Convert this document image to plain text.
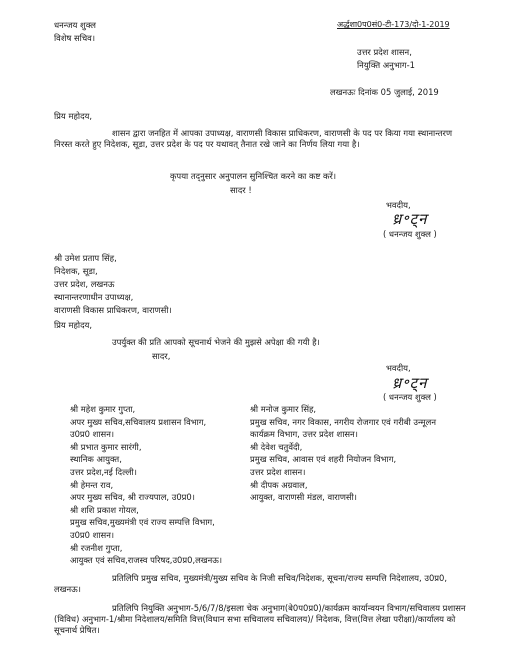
धनन्जय शुक्ल
विशेष सचिव।
अर्द्धशा0प0सं0-टी-173/दो-1-2019
उत्तर प्रदेश शासन,
नियुक्ति अनुभाग-1
लखनऊः दिनांक 05 जुलाई, 2019
प्रिय महोदय,
शासन द्वारा जनहित में आपका उपाध्यक्ष, वाराणसी विकास प्राधिकरण, वाराणसी के पद पर किया गया स्थानान्तरण निरस्त करते हुए निदेशक, सूडा, उत्तर प्रदेश के पद पर यथावत् तैनात रखे जाने का निर्णय लिया गया है।
कृपया तद्नुसार अनुपालन सुनिश्चित करने का कष्ट करें।
सादर !
भवदीय,
ध्र॰ट्न
( धनन्जय शुक्ल )
श्री उमेश प्रताप सिंह,
निदेशक, सूडा,
उत्तर प्रदेश, लखनऊ
स्थानान्तरणाधीन उपाध्यक्ष,
वाराणसी विकास प्राधिकरण, वाराणसी।
प्रिय महोदय,
उपर्युक्त की प्रति आपको सूचनार्थ भेजने की मुझसे अपेक्षा की गयी है।
सादर,
भवदीय,
ध्र॰ट्न
( धनन्जय शुक्ल )
श्री महेश कुमार गुप्ता,
अपर मुख्य सचिव,सचिवालय प्रशासन विभाग,
उ0प्र0 शासन।
श्री प्रभात कुमार सारंगी,
स्थानिक आयुक्त,
उत्तर प्रदेश,नई दिल्ली।
श्री हेमन्त राव,
अपर मुख्य सचिव, श्री राज्यपाल, उ0प्र0।
श्री शशि प्रकाश गोयल,
प्रमुख सचिव,मुख्यमंत्री एवं राज्य सम्पत्ति विभाग,
उ0प्र0 शासन।
श्री रजनीश गुप्ता,
आयुक्त एवं सचिव,राजस्व परिषद,उ0प्र0,लखनऊ।
श्री मनोज कुमार सिंह,
प्रमुख सचिव, नगर विकास, नगरीय रोजगार एवं गरीबी उन्मूलन
कार्यक्रम विभाग, उत्तर प्रदेश शासन।
श्री देवेश चतुर्वेदी,
प्रमुख सचिव, आवास एवं शहरी नियोजन विभाग,
उत्तर प्रदेश शासन।
श्री दीपक अग्रवाल,
आयुक्त, वाराणसी मंडल, वाराणसी।
प्रतिलिपि प्रमुख सचिव, मुख्यमंत्री/मुख्य सचिव के निजी सचिव/निदेशक, सूचना/राज्य सम्पत्ति निदेशालय, उ0प्र0, लखनऊ।
प्रतिलिपि नियुक्ति अनुभाग-5/6/7/8/इसला चेक अनुभाग(बे0प0प्र0)/कार्यक्रम कार्यान्वयन विभाग/सचिवालय प्रशासन (विविध) अनुभाग-1/श्रीमा निदेशालय/समिति वित्त(विधान सभा सचिवालय सचिवालय)/ निदेशक, वित्त(वित्त लेखा परीक्षा)/कार्यालय को सूचनार्थ प्रेषित।
